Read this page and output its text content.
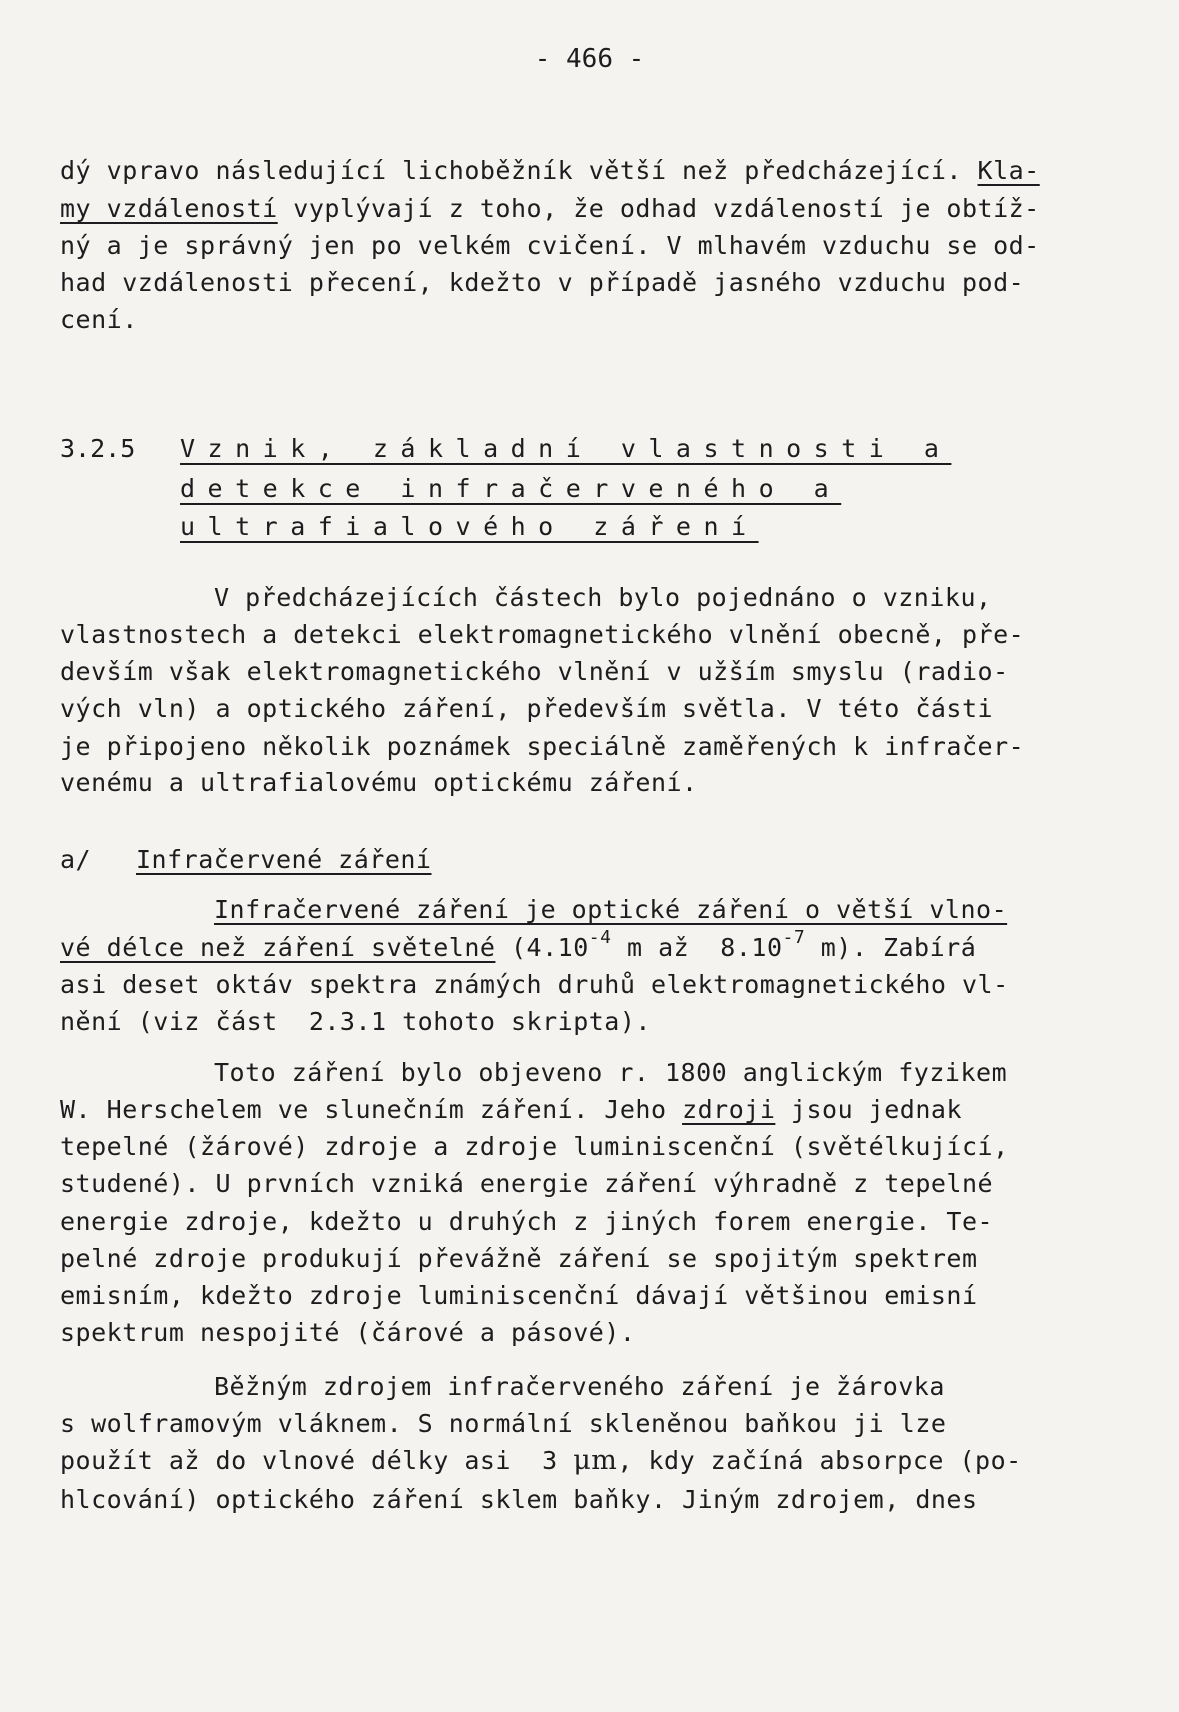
- 466 -
dý vpravo následující lichoběžník větší než předcházející. Kla-
my vzdáleností vyplývají z toho, že odhad vzdáleností je obtíž-
ný a je správný jen po velkém cvičení. V mlhavém vzduchu se od-
had vzdálenosti přecení, kdežto v případě jasného vzduchu pod-
cení.
3.2.5 Vznik, základní vlastnosti a
detekce infračerveného a
ultrafialového záření
V předcházejících částech bylo pojednáno o vzniku,
vlastnostech a detekci elektromagnetického vlnění obecně, pře-
devším však elektromagnetického vlnění v užším smyslu (radio-
vých vln) a optického záření, především světla. V této části
je připojeno několik poznámek speciálně zaměřených k infračer-
venému a ultrafialovému optickému záření.
a/ Infračervené záření
Infračervené záření je optické záření o větší vlno-
vé délce než záření světelné ($4.10^{-4}$ m až  $8.10^{-7}$ m). Zabírá
asi deset oktáv spektra známých druhů elektromagnetického vl-
nění (viz část  2.3.1 tohoto skripta).
Toto záření bylo objeveno r. 1800 anglickým fyzikem
W. Herschelem ve slunečním záření. Jeho zdroji jsou jednak
tepelné (žárové) zdroje a zdroje luminiscenční (světélkující,
studené). U prvních vzniká energie záření výhradně z tepelné
energie zdroje, kdežto u druhých z jiných forem energie. Te-
pelné zdroje produkují převážně záření se spojitým spektrem
emisním, kdežto zdroje luminiscenční dávají většinou emisní
spektrum nespojité (čárové a pásové).
Běžným zdrojem infračerveného záření je žárovka
s wolframovým vláknem. S normální skleněnou baňkou ji lze
použít až do vlnové délky asi  3 μm, kdy začíná absorpce (po-
hlcování) optického záření sklem baňky. Jiným zdrojem, dnes
